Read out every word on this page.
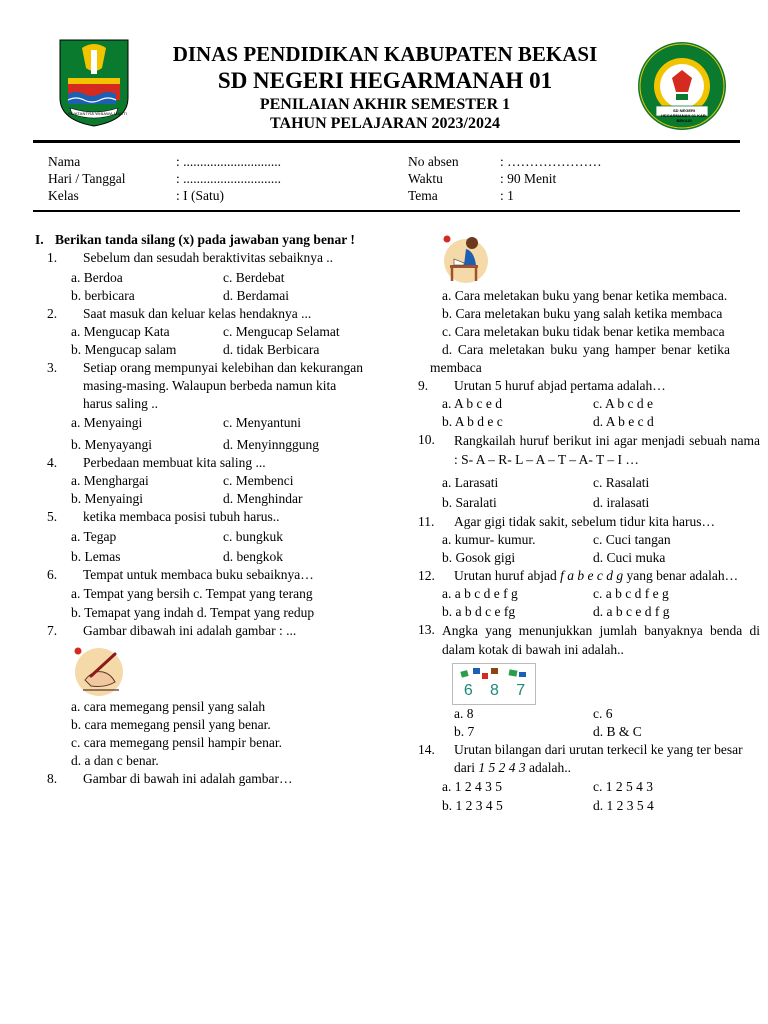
SWATANTRA WIBAWA MUKTI
DINAS PENDIDIKAN KABUPATEN BEKASI
SD NEGERI HEGARMANAH 01
PENILAIAN AKHIR SEMESTER 1
TAHUN PELAJARAN 2023/2024
SD NEGERI HEGARMANAH 01 KAB. BEKASI
Nama	: .............................
Hari / Tanggal	: .............................
Kelas	: I (Satu)
No absen	: …………………
Waktu	: 90 Menit
Tema	: 1
I. Berikan tanda silang (x) pada jawaban yang benar !
1.	Sebelum dan sesudah beraktivitas sebaiknya ..
a. Berdoa	c. Berdebat
b. berbicara	d. Berdamai
2.	Saat masuk dan keluar kelas hendaknya ...
a. Mengucap Kata	c. Mengucap Selamat
b. Mengucap salam	d. tidak Berbicara
3.	Setiap orang mempunyai kelebihan dan kekurangan masing-masing. Walaupun berbeda namun kita harus saling ..
a. Menyaingi	c. Menyantuni
b. Menyayangi	d. Menyinnggung
4.	Perbedaan membuat kita saling ...
a. Menghargai	c. Membenci
b. Menyaingi	d. Menghindar
5.	ketika membaca posisi tubuh harus..
a. Tegap	c. bungkuk
b. Lemas	d. bengkok
6.	Tempat untuk membaca buku sebaiknya…
a. Tempat yang bersih c. Tempat yang terang
b. Temapat yang indah d. Tempat yang redup
7.	Gambar dibawah ini adalah gambar : ...
a. cara memegang pensil yang salah
b. cara memegang pensil yang benar.
c. cara memegang pensil hampir benar.
d. a dan c benar.
8.	Gambar di bawah ini adalah gambar…
a. Cara meletakan buku yang benar ketika membaca.
b. Cara meletakan buku yang salah ketika membaca
c. Cara meletakan buku tidak benar ketika membaca
d. Cara meletakan buku yang hamper benar ketika membaca
9.	Urutan 5 huruf abjad pertama adalah…
a. A b c e d	c. A b c d e
b. A b d e c	d. A b e c d
10.	Rangkailah huruf berikut ini agar menjadi sebuah nama : S- A – R- L – A – T – A- T – I …
a. Larasati	c. Rasalati
b. Saralati	d. iralasati
11.	Agar gigi tidak sakit, sebelum tidur kita harus…
a. kumur- kumur.	c. Cuci tangan
b. Gosok gigi	d. Cuci muka
12.	Urutan huruf abjad f a b e c d g yang benar adalah…
a. a b c d e f g	c. a b c d f e g
b. a b d c e fg	d. a b c e d f g
13. Angka yang menunjukkan jumlah banyaknya benda di dalam kotak di bawah ini adalah..
6   8   7
a. 8	c. 6
b. 7	d. B & C
14.	Urutan bilangan dari urutan terkecil ke yang ter besar dari 1 5 2 4 3 adalah..
a. 1 2 4 3 5	c. 1 2 5 4 3
b. 1 2 3 4 5	d. 1 2 3 5 4
